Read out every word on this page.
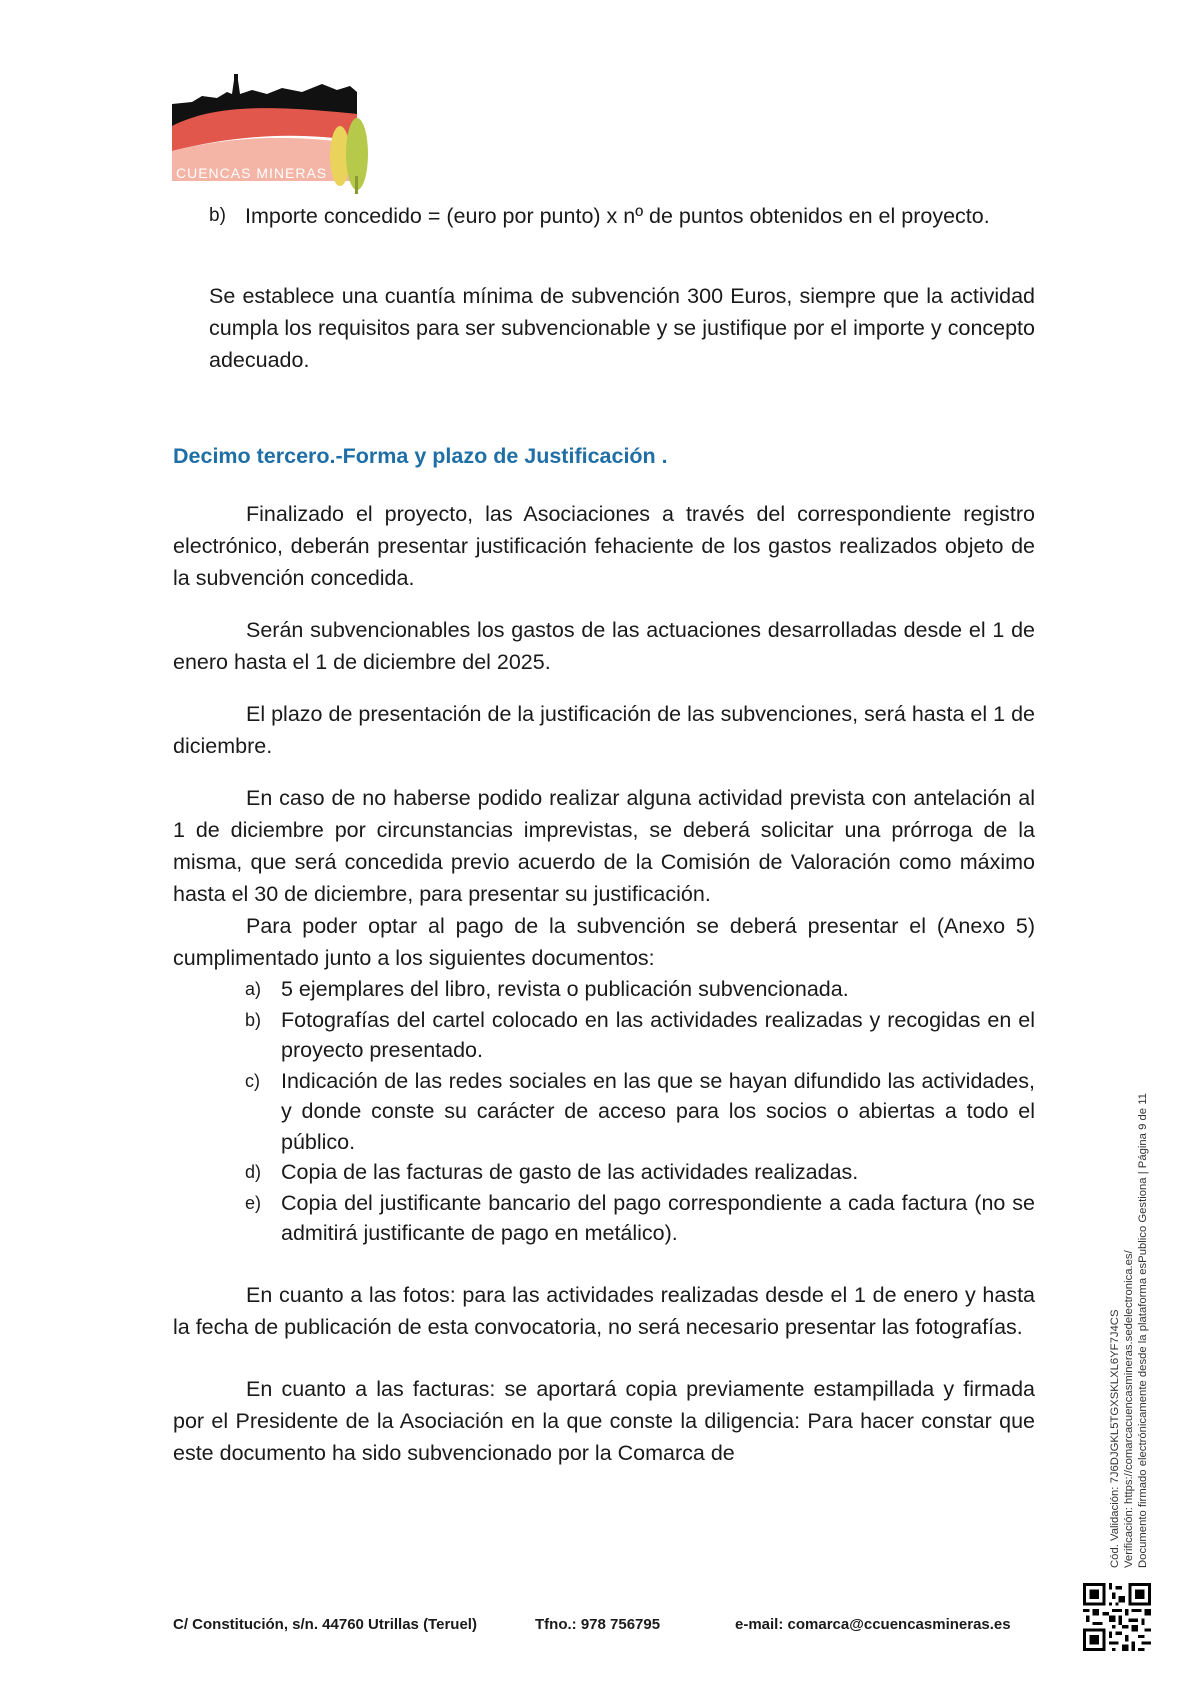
CUENCAS MINERAS
b) Importe concedido = (euro por punto) x nº de puntos obtenidos en el proyecto.

Se establece una cuantía mínima de subvención 300 Euros, siempre que la actividad cumpla los requisitos para ser subvencionable y se justifique por el importe y concepto adecuado.

Decimo tercero.-Forma y plazo de Justificación .

Finalizado el proyecto, las Asociaciones a través del correspondiente registro electrónico, deberán presentar justificación fehaciente de los gastos realizados objeto de la subvención concedida.

Serán subvencionables los gastos de las actuaciones desarrolladas desde el 1 de enero hasta el 1 de diciembre del 2025.

El plazo de presentación de la justificación de las subvenciones, será hasta el 1 de diciembre.

En caso de no haberse podido realizar alguna actividad prevista con antelación al 1 de diciembre por circunstancias imprevistas, se deberá solicitar una prórroga de la misma, que será concedida previo acuerdo de la Comisión de Valoración como máximo hasta el 30 de diciembre, para presentar su justificación.

Para poder optar al pago de la subvención se deberá presentar el (Anexo 5) cumplimentado junto a los siguientes documentos:

a) 5 ejemplares del libro, revista o publicación subvencionada.
b) Fotografías del cartel colocado en las actividades realizadas y recogidas en el proyecto presentado.
c) Indicación de las redes sociales en las que se hayan difundido las actividades, y donde conste su carácter de acceso para los socios o abiertas a todo el público.
d) Copia de las facturas de gasto de las actividades realizadas.
e) Copia del justificante bancario del pago correspondiente a cada factura (no se admitirá justificante de pago en metálico).

En cuanto a las fotos: para las actividades realizadas desde el 1 de enero y hasta la fecha de publicación de esta convocatoria, no será necesario presentar las fotografías.

En cuanto a las facturas: se aportará copia previamente estampillada y firmada por el Presidente de la Asociación en la que conste la diligencia: Para hacer constar que este documento ha sido subvencionado por la Comarca de

C/ Constitución, s/n. 44760 Utrillas (Teruel)	Tfno.: 978 756795	e-mail: comarca@ccuencasmineras.es
Cód. Validación: 7J6DJGKL5TGXSKLXL6YF7J4CS Verificación: https://comarcacuencasmineras.sedelectronica.es/ Documento firmado electrónicamente desde la plataforma esPublico Gestiona | Página 9 de 11
